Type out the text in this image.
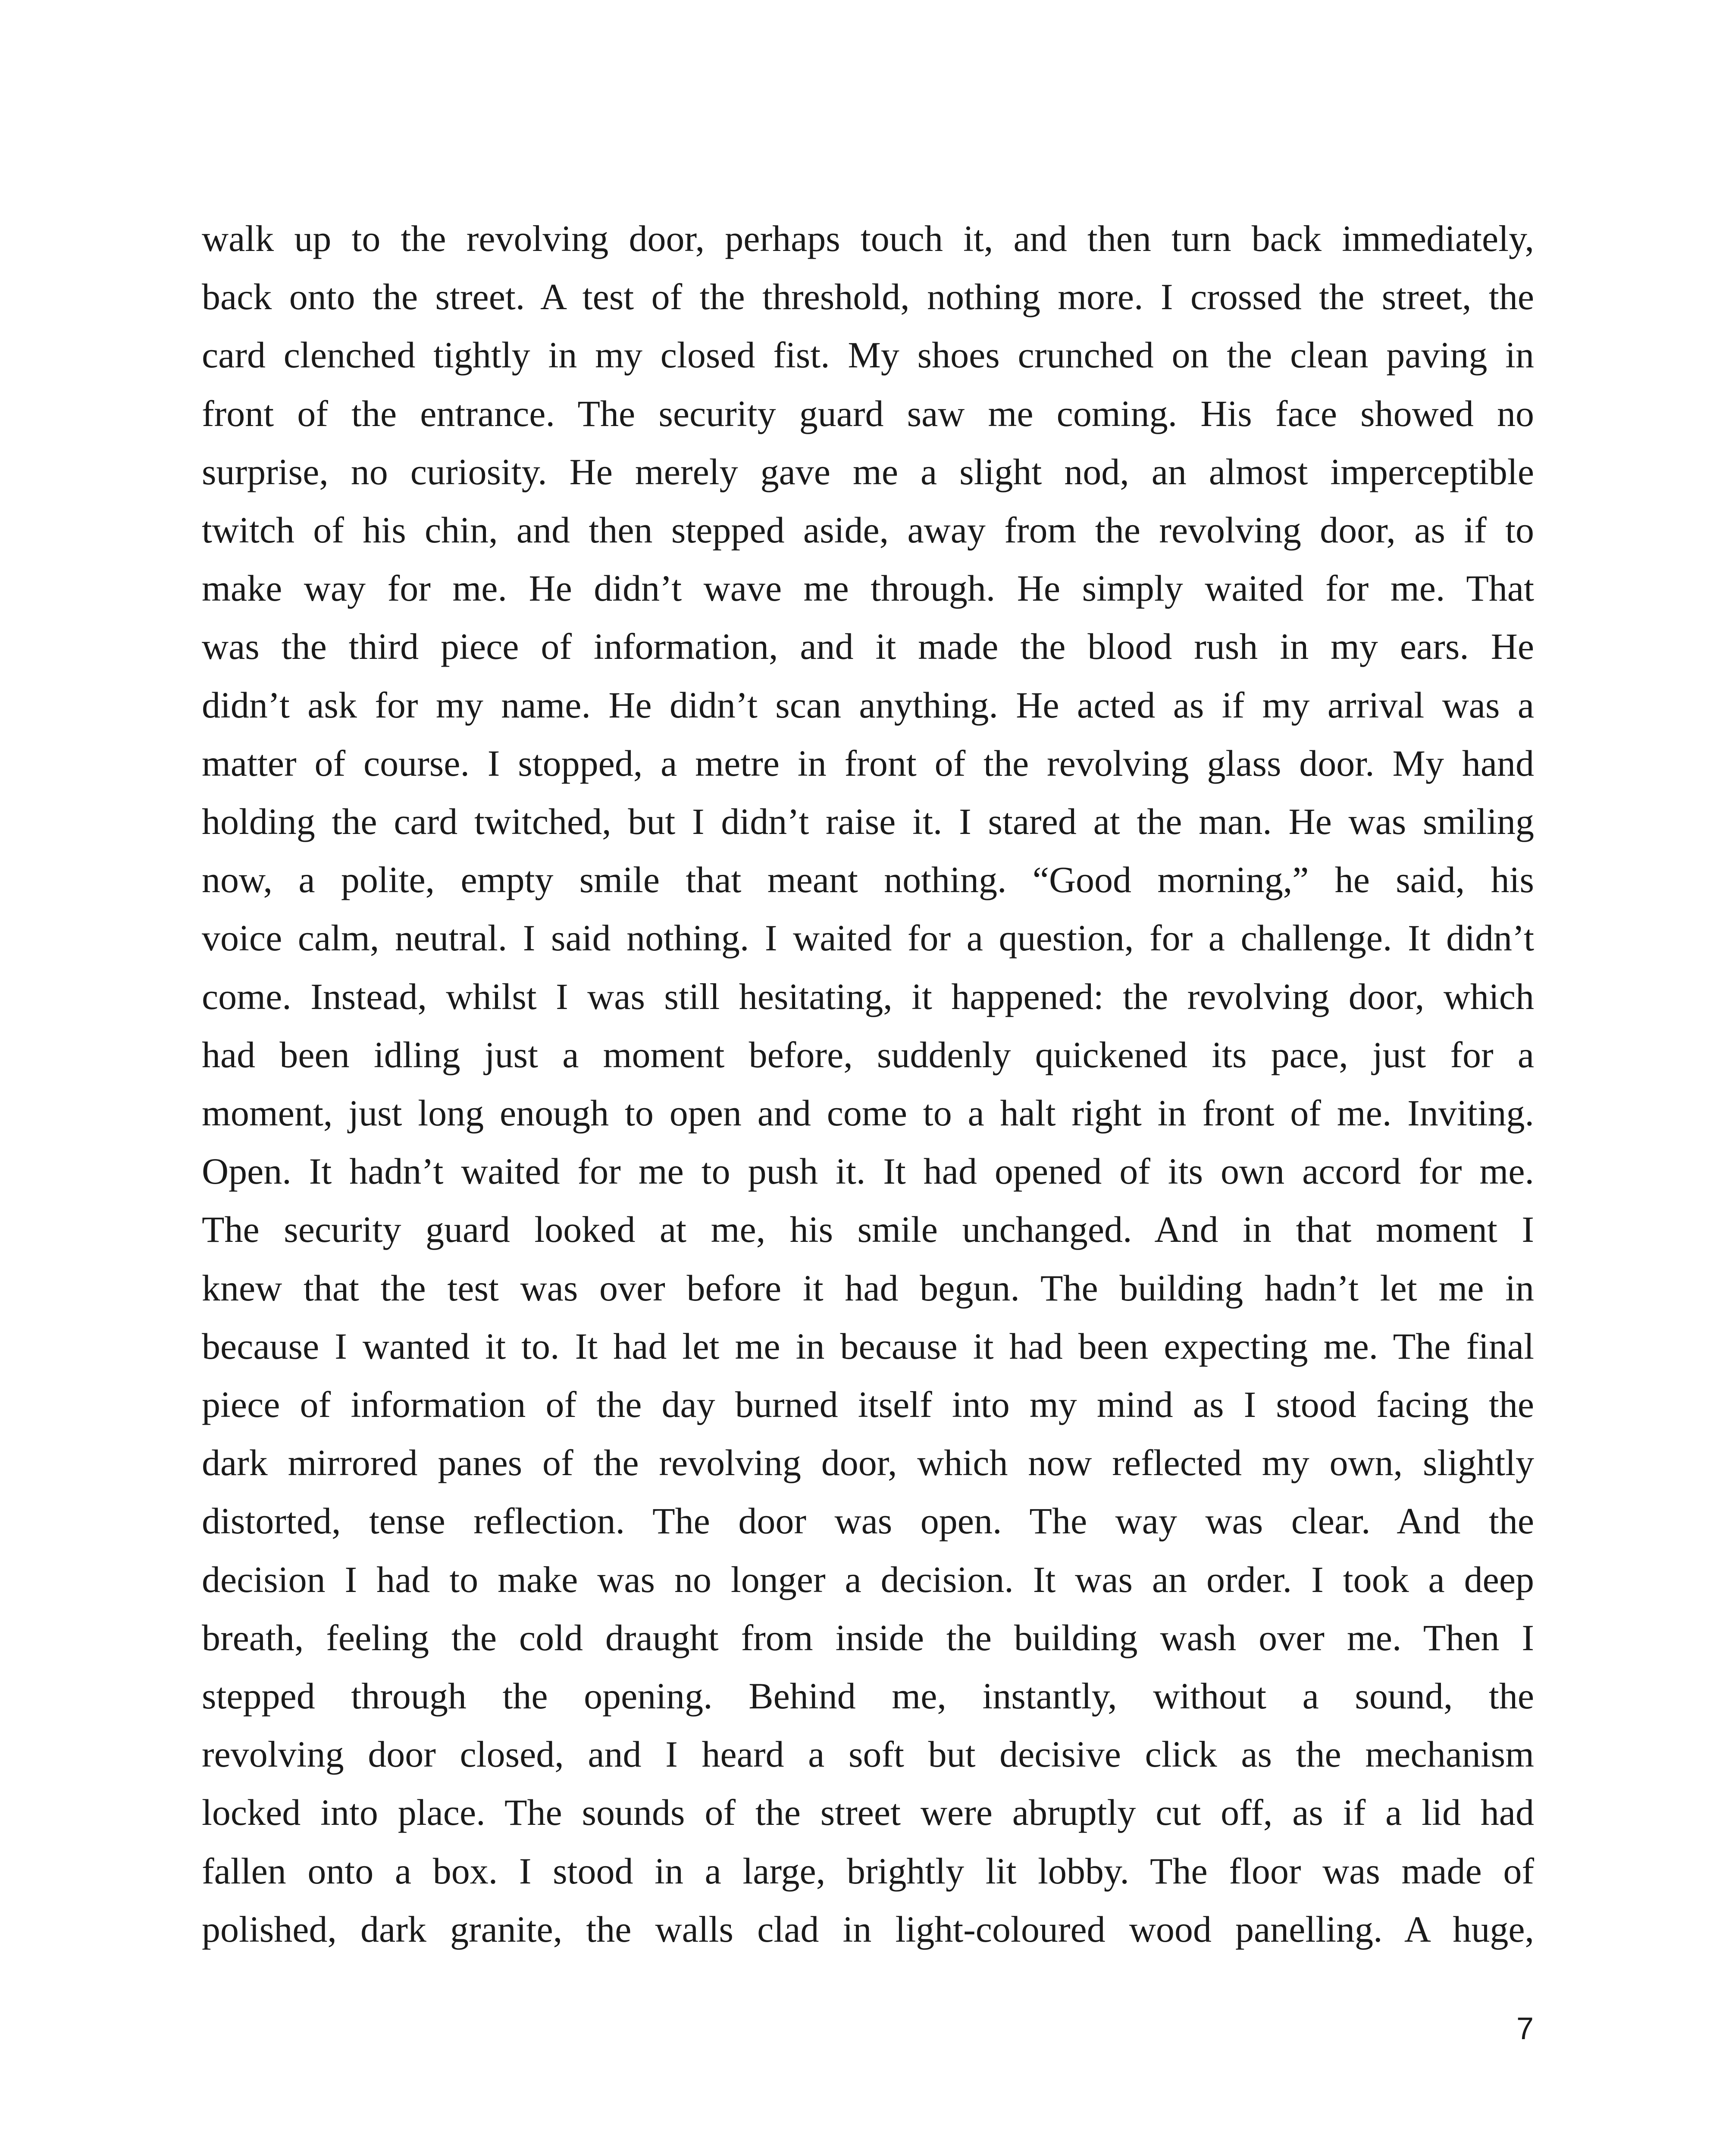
walk up to the revolving door, perhaps touch it, and then turn back immediately,
back onto the street. A test of the threshold, nothing more. I crossed the street, the
card clenched tightly in my closed fist. My shoes crunched on the clean paving in
front of the entrance. The security guard saw me coming. His face showed no
surprise, no curiosity. He merely gave me a slight nod, an almost imperceptible
twitch of his chin, and then stepped aside, away from the revolving door, as if to
make way for me. He didn’t wave me through. He simply waited for me. That
was the third piece of information, and it made the blood rush in my ears. He
didn’t ask for my name. He didn’t scan anything. He acted as if my arrival was a
matter of course. I stopped, a metre in front of the revolving glass door. My hand
holding the card twitched, but I didn’t raise it. I stared at the man. He was smiling
now, a polite, empty smile that meant nothing. “Good morning,” he said, his
voice calm, neutral. I said nothing. I waited for a question, for a challenge. It didn’t
come. Instead, whilst I was still hesitating, it happened: the revolving door, which
had been idling just a moment before, suddenly quickened its pace, just for a
moment, just long enough to open and come to a halt right in front of me. Inviting.
Open. It hadn’t waited for me to push it. It had opened of its own accord for me.
The security guard looked at me, his smile unchanged. And in that moment I
knew that the test was over before it had begun. The building hadn’t let me in
because I wanted it to. It had let me in because it had been expecting me. The final
piece of information of the day burned itself into my mind as I stood facing the
dark mirrored panes of the revolving door, which now reflected my own, slightly
distorted, tense reflection. The door was open. The way was clear. And the
decision I had to make was no longer a decision. It was an order. I took a deep
breath, feeling the cold draught from inside the building wash over me. Then I
stepped through the opening. Behind me, instantly, without a sound, the
revolving door closed, and I heard a soft but decisive click as the mechanism
locked into place. The sounds of the street were abruptly cut off, as if a lid had
fallen onto a box. I stood in a large, brightly lit lobby. The floor was made of
polished, dark granite, the walls clad in light-coloured wood panelling. A huge,

7
